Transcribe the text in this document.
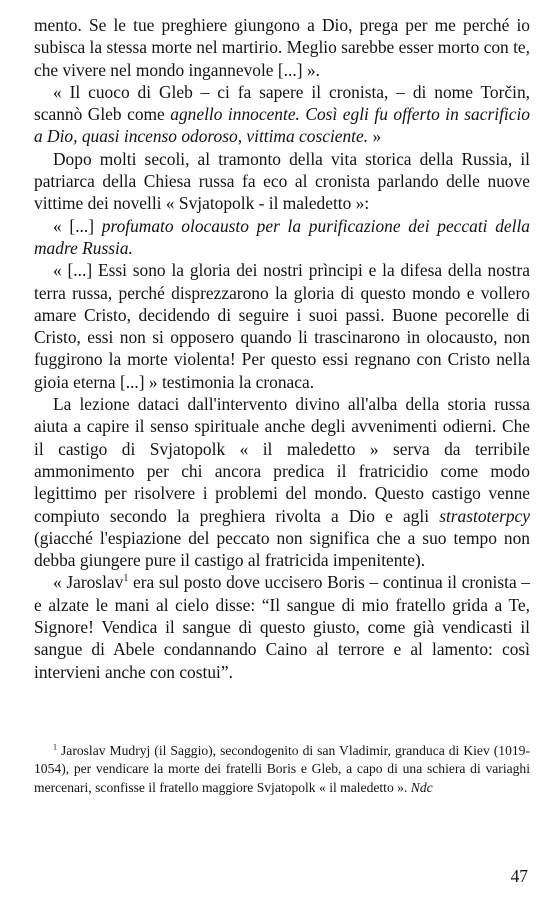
mento. Se le tue preghiere giungono a Dio, prega per me perché io subisca la stessa morte nel martirio. Meglio sarebbe esser morto con te, che vivere nel mondo ingannevole [...] ».

« Il cuoco di Gleb – ci fa sapere il cronista, – di nome Torčin, scannò Gleb come agnello innocente. Così egli fu offerto in sacrificio a Dio, quasi incenso odoroso, vittima cosciente. »

Dopo molti secoli, al tramonto della vita storica della Russia, il patriarca della Chiesa russa fa eco al cronista parlando delle nuove vittime dei novelli « Svjatopolk - il maledetto »:

« [...] profumato olocausto per la purificazione dei peccati della madre Russia.

« [...] Essi sono la gloria dei nostri prìncipi e la difesa della nostra terra russa, perché disprezzarono la gloria di questo mondo e vollero amare Cristo, decidendo di seguire i suoi passi. Buone pecorelle di Cristo, essi non si opposero quando li trascinarono in olocausto, non fuggirono la morte violenta! Per questo essi regnano con Cristo nella gioia eterna [...] » testimonia la cronaca.

La lezione dataci dall'intervento divino all'alba della storia russa aiuta a capire il senso spirituale anche degli avvenimenti odierni. Che il castigo di Svjatopolk « il maledetto » serva da terribile ammonimento per chi ancora predica il fratricidio come modo legittimo per risolvere i problemi del mondo. Questo castigo venne compiuto secondo la preghiera rivolta a Dio e agli strastoterpcy (giacché l'espiazione del peccato non significa che a suo tempo non debba giungere pure il castigo al fratricida impenitente).

« Jaroslav$^1$ era sul posto dove uccisero Boris – continua il cronista – e alzate le mani al cielo disse: “Il sangue di mio fratello grida a Te, Signore! Vendica il sangue di questo giusto, come già vendicasti il sangue di Abele condannando Caino al terrore e al lamento: così intervieni anche con costui”.

$^1$ Jaroslav Mudryj (il Saggio), secondogenito di san Vladimir, granduca di Kiev (1019-1054), per vendicare la morte dei fratelli Boris e Gleb, a capo di una schiera di variaghi mercenari, sconfisse il fratello maggiore Svjatopolk « il maledetto ». Ndc

47
